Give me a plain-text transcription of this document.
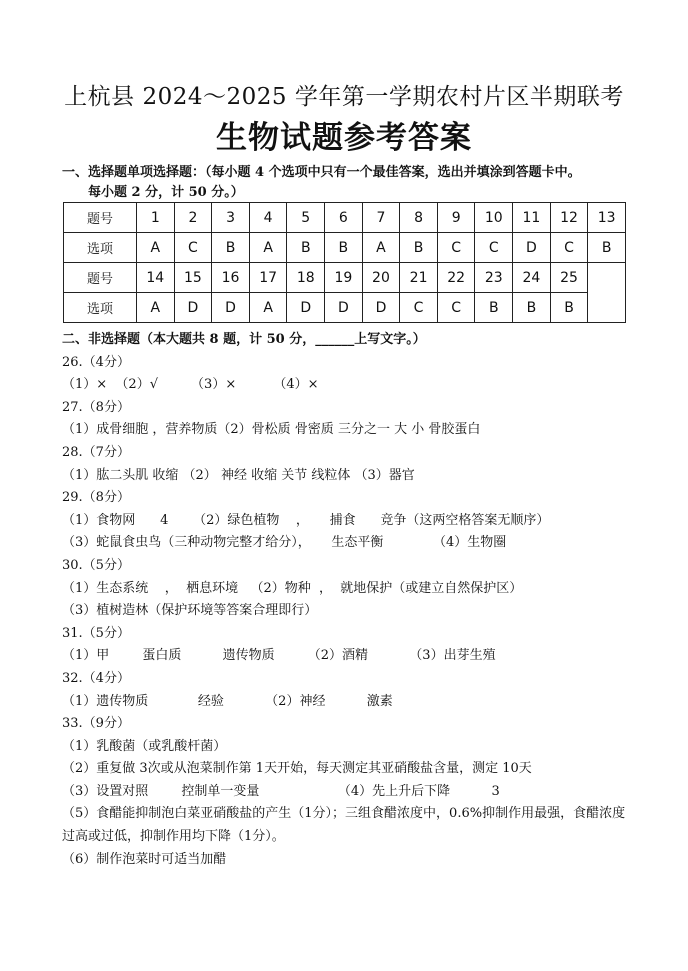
上杭县 2024～2025 学年第一学期农村片区半期联考
生物试题参考答案
一、选择题单项选择题：（每小题 4 个选项中只有一个最佳答案，选出并填涂到答题卡中。
每小题 2 分，计 50 分。）
题号	1	2	3	4	5	6	7	8	9	10	11	12	13
选项	A	C	B	A	B	B	A	B	C	C	D	C	B
题号	14	15	16	17	18	19	20	21	22	23	24	25	
选项	A	D	D	A	D	D	D	C	C	B	B	B	
二、非选择题（本大题共 8 题，计 50 分，______上写文字。）
26.（4分）
（1）×  （2）√        （3）×         （4）×
27.（8分）
（1）成骨细胞 ，营养物质（2）骨松质 骨密质 三分之一 大 小 骨胶蛋白
28.（7分）
（1）肱二头肌 收缩 （2） 神经 收缩 关节 线粒体 （3）器官
29.（8分）
（1）食物网      4      （2）绿色植物    ，     捕食      竞争（这两空格答案无顺序）
（3）蛇鼠食虫鸟（三种动物完整才给分），     生态平衡            （4）生物圈
30.（5分）
（1）生态系统    ，  栖息环境   （2）物种  ，  就地保护（或建立自然保护区）
（3）植树造林（保护环境等答案合理即行）
31.（5分）
（1）甲        蛋白质          遗传物质        （2）酒精          （3）出芽生殖
32.（4分）
（1）遗传物质            经验          （2）神经          激素
33.（9分）
（1）乳酸菌（或乳酸杆菌）
（2）重复做 3次或从泡菜制作第 1天开始，每天测定其亚硝酸盐含量，测定 10天
（3）设置对照        控制单一变量                   （4）先上升后下降          3
（5）食醋能抑制泡白菜亚硝酸盐的产生（1分）；三组食醋浓度中，0.6%抑制作用最强，食醋浓度过高或过低，抑制作用均下降（1分）。
（6）制作泡菜时可适当加醋
